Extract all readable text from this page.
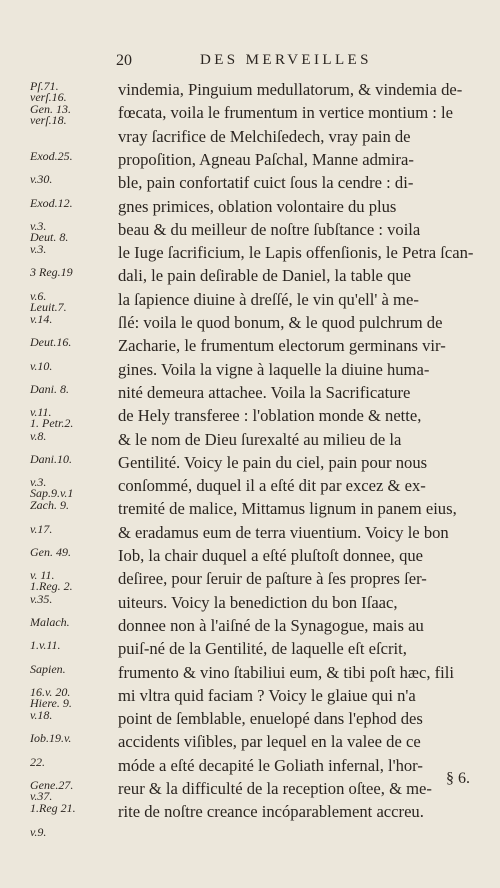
20	DES MERVEILLES
Pſ.71.
verſ.16.	vindemia, Pinguium medullatorum, & vindemia de-
Gen. 13.
verſ.18.	fœcata, voila le frumentum in vertice montium : le
vray ſacrifice de Melchiſedech, vray pain de
Exod.25.	propoſition, Agneau Paſchal, Manne admira-
v.30.	ble, pain confortatif cuict ſous la cendre : di-
Exod.12.	gnes primices, oblation volontaire du plus
v.3.
Deut. 8.	beau & du meilleur de noſtre ſubſtance : voila
v.3.	le Iuge ſacrificium, le Lapis offenſionis, le Petra ſcan-
3 Reg.19	dali, le pain deſirable de Daniel, la table que
v.6.
Leuit.7.	la ſapience diuine à dreſſé, le vin qu'ell' à me-
v.14.	ſlé: voila le quod bonum, & le quod pulchrum de
Deut.16.	Zacharie, le frumentum electorum germinans vir-
v.10.	gines. Voila la vigne à laquelle la diuine huma-
Dani. 8.	nité demeura attachee. Voila la Sacrificature
v.11.
1. Petr.2.	de Hely transferee : l'oblation monde & nette,
v.8.	& le nom de Dieu ſurexalté au milieu de la
Dani.10.	Gentilité. Voicy le pain du ciel, pain pour nous
v.3.
Sap.9.v.1	conſommé, duquel il a eſté dit par excez & ex-
Zach. 9.	tremité de malice, Mittamus lignum in panem eius,
v.17.	& eradamus eum de terra viuentium. Voicy le bon
Gen. 49.	Iob, la chair duquel a eſté pluſtoſt donnee, que
v. 11.
1.Reg. 2.	deſiree, pour ſeruir de paſture à ſes propres ſer-
v.35.	uiteurs. Voicy la benediction du bon Iſaac,
Malach.	donnee non à l'aiſné de la Synagogue, mais au
1.v.11.	puiſ-né de la Gentilité, de laquelle eſt eſcrit,
Sapien.	frumento & vino ſtabiliui eum, & tibi poſt hæc, fili
16.v. 20.
Hiere. 9.	mi vltra quid faciam ? Voicy le glaiue qui n'a
v.18.	point de ſemblable, enuelopé dans l'ephod des
Iob.19.v.	accidents viſibles, par lequel en la valee de ce
22.	móde a eſté decapité le Goliath infernal, l'hor-
Gene.27.
v.37.	reur & la difficulté de la reception oſtee, & me-
1.Reg 21.	rite de noſtre creance incóparablement accreu.
v.9.
§ 6.
